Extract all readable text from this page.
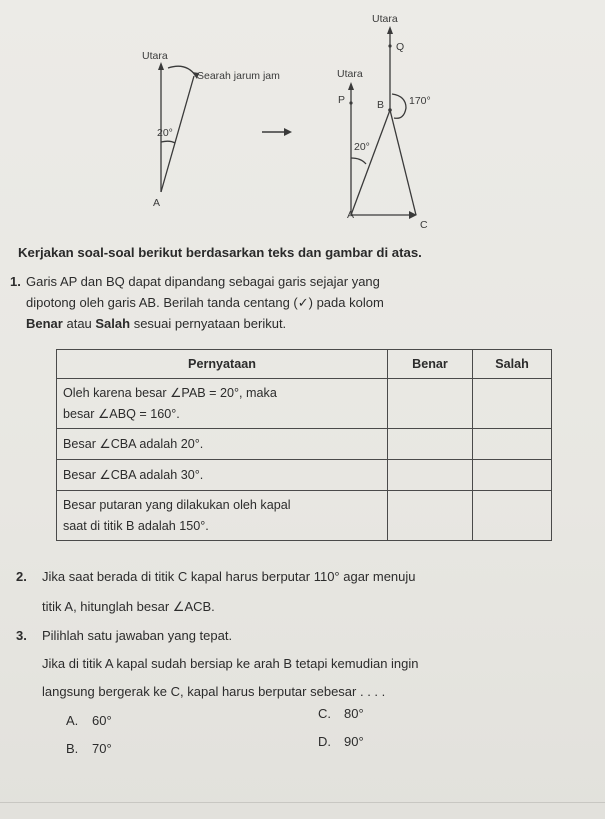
Utara
Searah jarum jam
20°
A
Utara
Q
Utara
P	B 170°
20°
A
C
Kerjakan soal-soal berikut berdasarkan teks dan gambar di atas.
1. Garis AP dan BQ dapat dipandang sebagai garis sejajar yang
dipotong oleh garis AB. Berilah tanda centang (✓) pada kolom
Benar atau Salah sesuai pernyataan berikut.
Pernyataan	Benar	Salah

Oleh karena besar ∠PAB = 20°, maka
besar ∠ABQ = 160°.		

Besar ∠CBA adalah 20°.		

Besar ∠CBA adalah 30°.		

Besar putaran yang dilakukan oleh kapal
saat di titik B adalah 150°.		

2.	Jika saat berada di titik C kapal harus berputar 110° agar menuju
titik A, hitunglah besar ∠ACB.
3.	Pilihlah satu jawaban yang tepat.
Jika di titik A kapal sudah bersiap ke arah B tetapi kemudian ingin
langsung bergerak ke C, kapal harus berputar sebesar . . . .
A. 60°
B. 70°
C. 80°
D. 90°
